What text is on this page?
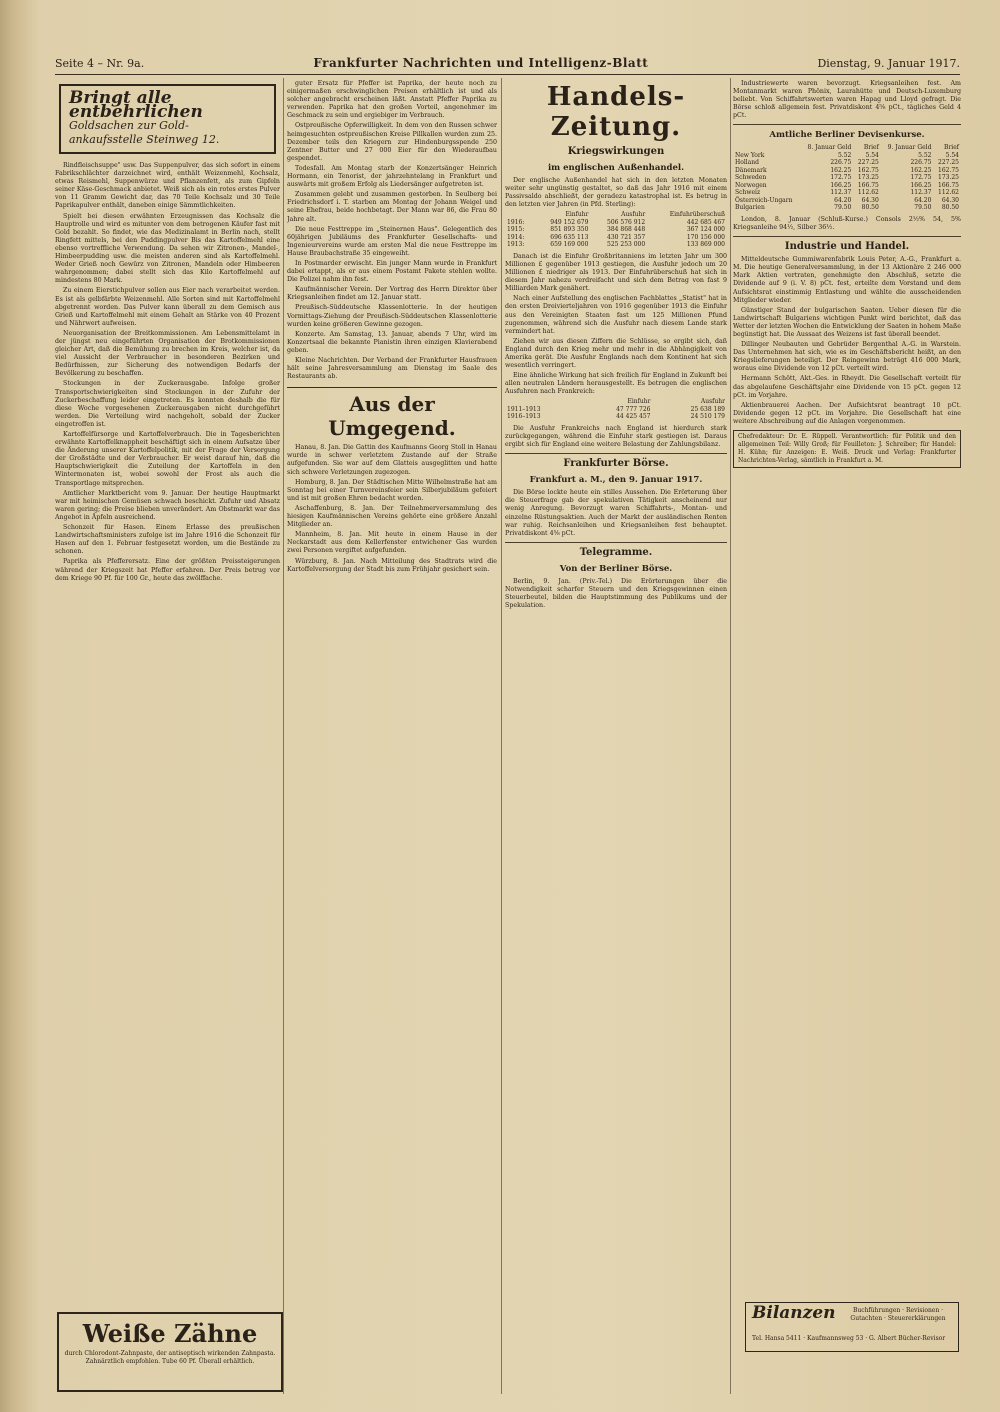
Seite 4 – Nr. 9a.	Frankfurter Nachrichten und Intelligenz-Blatt	Dienstag, 9. Januar 1917.
Bringt alle entbehrlichen
Goldsachen zur Gold-
ankaufsstelle Steinweg 12.

Rindfleischsuppe" usw. Das Suppenpulver, das sich sofort in einem Fabrikschlächter darzeichnet wird, enthält Weizenmehl, Kochsalz, etwas Reismehl, Suppenwürze und Pflanzenfett, als zum Gipfeln seiner Käse-Geschmack anbietet. Weiß sich als ein rotes erstes Pulver von 11 Gramm Gewicht dar, das 70 Teile Kochsalz und 30 Teile Paprikapulver enthält, daneben einige Sämmtlichkeiten.

Spielt bei diesen erwähnten Erzeugnissen das Kochsalz die Hauptrolle und wird es mitunter von dem betrogenen Käufer fast mit Gold bezahlt. So findet, wie das Medizinalamt in Berlin nach, stellt Ringfett mittels, bei den Puddingpulver Bis das Kartoffelmehl eine ebenso vortreffliche Verwendung. Da sehen wir Zitronen-, Mandel-, Himbeerpudding usw. die meisten anderen sind als Kartoffelmehl. Weder Grieß noch Gewürz von Zitronen, Mandeln oder Himbeeren wahrgenommen; dabei stellt sich das Kilo Kartoffelmehl auf mindestens 80 Mark.

Zu einem Eierstichpulver sollen aus Eier nach verarbeitet werden. Es ist als gelbfärbte Weizenmehl. Alle Sorten sind mit Kartoffelmehl abgetrennt worden. Das Pulver kann überall zu dem Gemisch aus Grieß und Kartoffelmehl mit einem Gehalt an Stärke von 40 Prozent und Nährwert aufweisen.

Neuorganisation der Breitkommissionen. Am Lebensmittelamt in der jüngst neu eingeführten Organisation der Brotkommissionen gleicher Art, daß die Bemühung zu brechen im Kreis, welcher ist, da viel Aussicht der Verbraucher in besonderen Bezirken und Bedürfnissen, zur Sicherung des notwendigen Bedarfs der Bevölkerung zu beschaffen.

Stockungen in der Zuckerausgabe. Infolge großer Transportschwierigkeiten sind Stockungen in der Zufuhr der Zuckerbeschaffung leider eingetreten. Es konnten deshalb die für diese Woche vorgesehenen Zuckerausgaben nicht durchgeführt werden. Die Verteilung wird nachgeholt, sobald der Zucker eingetroffen ist.

Kartoffelfürsorge und Kartoffelverbrauch. Die in Tagesberichten erwähnte Kartoffelknappheit beschäftigt sich in einem Aufsatze über die Änderung unserer Kartoffelpolitik, mit der Frage der Versorgung der Großstädte und der Verbraucher. Er weist darauf hin, daß die Hauptschwierigkeit die Zuteilung der Kartoffeln in den Wintermonaten ist, wobei sowohl der Frost als auch die Transportlage mitsprechen.

Amtlicher Marktbericht vom 9. Januar. Der heutige Hauptmarkt war mit heimischen Gemüsen schwach beschickt. Zufuhr und Absatz waren gering; die Preise blieben unverändert. Am Obstmarkt war das Angebot in Äpfeln ausreichend.

Schonzeit für Hasen. Einem Erlasse des preußischen Landwirtschaftsministers zufolge ist im Jahre 1916 die Schonzeit für Hasen auf den 1. Februar festgesetzt worden, um die Bestände zu schonen.

Paprika als Pfefferersatz. Eine der größten Preissteigerungen während der Kriegszeit hat Pfeffer erfahren. Der Preis betrug vor dem Kriege 90 Pf. für 100 Gr., heute das zwölffache.

Weiße Zähne
durch Chlorodont-Zahnpaste, der antiseptisch wirkenden Zahnpasta. Zahnärztlich empfohlen. Tube 60 Pf. Überall erhältlich.

guter Ersatz für Pfeffer ist Paprika, der heute noch zu einigermaßen erschwinglichen Preisen erhältlich ist und als solcher angebracht erscheinen läßt. Anstatt Pfeffer Paprika zu verwenden. Paprika hat den großen Vorteil, angenehmer im Geschmack zu sein und ergiebiger im Verbrauch.

Ostpreußische Opferwilligkeit. In dem von den Russen schwer heimgesuchten ostpreußischen Kreise Pillkallen wurden zum 25. Dezember teils den Kriegern zur Hindenburgsspende 250 Zentner Butter und 27 000 Eier für den Wiederaufbau gespendet.

Todesfall. Am Montag starb der Konzertsänger Heinrich Hormann, ein Tenorist, der jahrzehntelang in Frankfurt und auswärts mit großem Erfolg als Liedersänger aufgetreten ist.

Zusammen gelebt und zusammen gestorben. In Seulberg bei Friedrichsdorf i. T. starben am Montag der Johann Weigel und seine Ehefrau, beide hochbetagt. Der Mann war 86, die Frau 80 Jahre alt.

Die neue Festtreppe im „Steinernen Haus". Gelegentlich des 60jährigen Jubiläums des Frankfurter Gesellschafts- und Ingenieurvereins wurde am ersten Mal die neue Festtreppe im Hause Braubachstraße 35 eingeweiht.

In Postmarder erwischt. Ein junger Mann wurde in Frankfurt dabei ertappt, als er aus einem Postamt Pakete stehlen wollte. Die Polizei nahm ihn fest.

Kaufmännischer Verein. Der Vortrag des Herrn Direktor über Kriegsanleihen findet am 12. Januar statt.

Preußisch-Süddeutsche Klassenlotterie. In der heutigen Vormittags-Ziehung der Preußisch-Süddeutschen Klassenlotterie wurden keine größeren Gewinne gezogen.

Konzerte. Am Samstag, 13. Januar, abends 7 Uhr, wird im Konzertsaal die bekannte Pianistin ihren einzigen Klavierabend geben.

Kleine Nachrichten. Der Verband der Frankfurter Hausfrauen hält seine Jahresversammlung am Dienstag im Saale des Restaurants ab.

Aus der Umgegend.

Hanau, 8. Jan. Die Gattin des Kaufmanns Georg Stoll in Hanau wurde in schwer verletztem Zustande auf der Straße aufgefunden. Sie war auf dem Glatteis ausgeglitten und hatte sich schwere Verletzungen zugezogen.

Homburg, 8. Jan. Der Städtischen Mitte Wilhelmstraße hat am Sonntag bei einer Turnvereinsfeier sein Silberjubiläum gefeiert und ist mit großen Ehren bedacht worden.

Aschaffenburg, 8. Jan. Der Teilnehmerversammlung des hiesigen Kaufmännischen Vereins gehörte eine größere Anzahl Mitglieder an.

Mannheim, 8. Jan. Mit heute in einem Hause in der Neckarstadt aus dem Kellerfenster entwichener Gas wurden zwei Personen vergiftet aufgefunden.

Würzburg, 8. Jan. Nach Mitteilung des Stadtrats wird die Kartoffelversorgung der Stadt bis zum Frühjahr gesichert sein.

Handels-Zeitung.
Kriegswirkungen
im englischen Außenhandel.

Der englische Außenhandel hat sich in den letzten Monaten weiter sehr ungünstig gestaltet, so daß das Jahr 1916 mit einem Passivsaldo abschließt, der geradezu katastrophal ist. Es betrug in den letzten vier Jahren (in Pfd. Sterling):

	Einfuhr	Ausfuhr	Einfuhrüberschuß
1916:	949 152 679	506 576 912	442 685 467
1915:	851 893 350	384 868 448	367 124 000
1914:	696 635 113	430 721 357	170 156 000
1913:	659 169 000	525 253 000	133 869 000

Danach ist die Einfuhr Großbritanniens im letzten Jahr um 300 Millionen £ gegenüber 1913 gestiegen, die Ausfuhr jedoch um 20 Millionen £ niedriger als 1913. Der Einfuhrüberschuß hat sich in diesem Jahr nahezu verdreifacht und sich dem Betrag von fast 9 Milliarden Mark genähert.

Nach einer Aufstellung des englischen Fachblattes „Statist" hat in den ersten Dreivierteljahren von 1916 gegenüber 1913 die Einfuhr aus den Vereinigten Staaten fast um 125 Millionen Pfund zugenommen, während sich die Ausfuhr nach diesem Lande stark vermindert hat.

Ziehen wir aus diesen Ziffern die Schlüsse, so ergibt sich, daß England durch den Krieg mehr und mehr in die Abhängigkeit von Amerika gerät. Die Ausfuhr Englands nach dem Kontinent hat sich wesentlich verringert.

Eine ähnliche Wirkung hat sich freilich für England in Zukunft bei allen neutralen Ländern herausgestellt. Es betrugen die englischen Ausfuhren nach Frankreich:

	Einfuhr	Ausfuhr
1911–1913	47 777 726	25 638 189
1916–1913	44 425 457	24 510 179

Die Ausfuhr Frankreichs nach England ist hierdurch stark zurückgegangen, während die Einfuhr stark gestiegen ist. Daraus ergibt sich für England eine weitere Belastung der Zahlungsbilanz.

Frankfurter Börse.
Frankfurt a. M., den 9. Januar 1917.

Die Börse lockte heute ein stilles Aussehen. Die Erörterung über die Steuerfrage gab der spekulativen Tätigkeit anscheinend nur wenig Anregung. Bevorzugt waren Schiffahrts-, Montan- und einzelne Rüstungsaktien. Auch der Markt der ausländischen Renten war ruhig. Reichsanleihen und Kriegsanleihen fest behauptet. Privatdiskont 4⅝ pCt.

Telegramme.
Von der Berliner Börse.

Berlin, 9. Jan. (Priv.-Tel.) Die Erörterungen über die Notwendigkeit scharfer Steuern und den Kriegsgewinnen einen Steuerbeutel, bilden die Hauptstimmung des Publikums und der Spekulation.

Industriewerte waren bevorzugt. Kriegsanleihen fest. Am Montanmarkt waren Phönix, Laurahütte und Deutsch-Luxemburg beliebt. Von Schiffahrtswerten waren Hapag und Lloyd gefragt. Die Börse schloß allgemein fest. Privatdiskont 4⅝ pCt., tägliches Geld 4 pCt.

Amtliche Berliner Devisenkurse.
	8. Januar Geld	Brief	9. Januar Geld	Brief
New York	5.52	5.54	5.52	5.54
Holland	226.75	227.25	226.75	227.25
Dänemark	162.25	162.75	162.25	162.75
Schweden	172.75	173.25	172.75	173.25
Norwegen	166.25	166.75	166.25	166.75
Schweiz	112.37	112.62	112.37	112.62
Österreich-Ungarn	64.20	64.30	64.20	64.30
Bulgarien	79.50	80.50	79.50	80.50

London, 8. Januar (Schluß-Kurse.) Consols 2½% 54, 5% Kriegsanleihe 94½, Silber 36½.

Industrie und Handel.

Mitteldeutsche Gummiwarenfabrik Louis Peter, A.-G., Frankfurt a. M. Die heutige Generalversammlung, in der 13 Aktionäre 2 246 000 Mark Aktien vertraten, genehmigte den Abschluß, setzte die Dividende auf 9 (i. V. 8) pCt. fest, erteilte dem Vorstand und dem Aufsichtsrat einstimmig Entlastung und wählte die ausscheidenden Mitglieder wieder.

Günstiger Stand der bulgarischen Saaten. Ueber diesen für die Landwirtschaft Bulgariens wichtigen Punkt wird berichtet, daß das Wetter der letzten Wochen die Entwicklung der Saaten in hohem Maße begünstigt hat. Die Aussaat des Weizens ist fast überall beendet.

Dillinger Neubauten und Gebrüder Bergenthal A.-G. in Warstein. Das Unternehmen hat sich, wie es im Geschäftsbericht heißt, an den Kriegslieferungen beteiligt. Der Reingewinn beträgt 416 000 Mark, woraus eine Dividende von 12 pCt. verteilt wird.

Hermann Schött, Akt.-Ges. in Rheydt. Die Gesellschaft verteilt für das abgelaufene Geschäftsjahr eine Dividende von 15 pCt. gegen 12 pCt. im Vorjahre.

Aktienbrauerei Aachen. Der Aufsichtsrat beantragt 10 pCt. Dividende gegen 12 pCt. im Vorjahre. Die Gesellschaft hat eine weitere Abschreibung auf die Anlagen vorgenommen.

Chefredakteur: Dr. E. Rüppell. Verantwortlich: für Politik und den allgemeinen Teil: Willy Groß; für Feuilleton: J. Schreiber; für Handel: H. Kühn; für Anzeigen: E. Weiß. Druck und Verlag: Frankfurter Nachrichten-Verlag, sämtlich in Frankfurt a. M.
Bilanzen	Buchführungen · Revisionen · Gutachten · Steuererklärungen
Tel. Hansa 5411 · Kaufmannsweg 53 · G. Albert Bücher-Revisor
